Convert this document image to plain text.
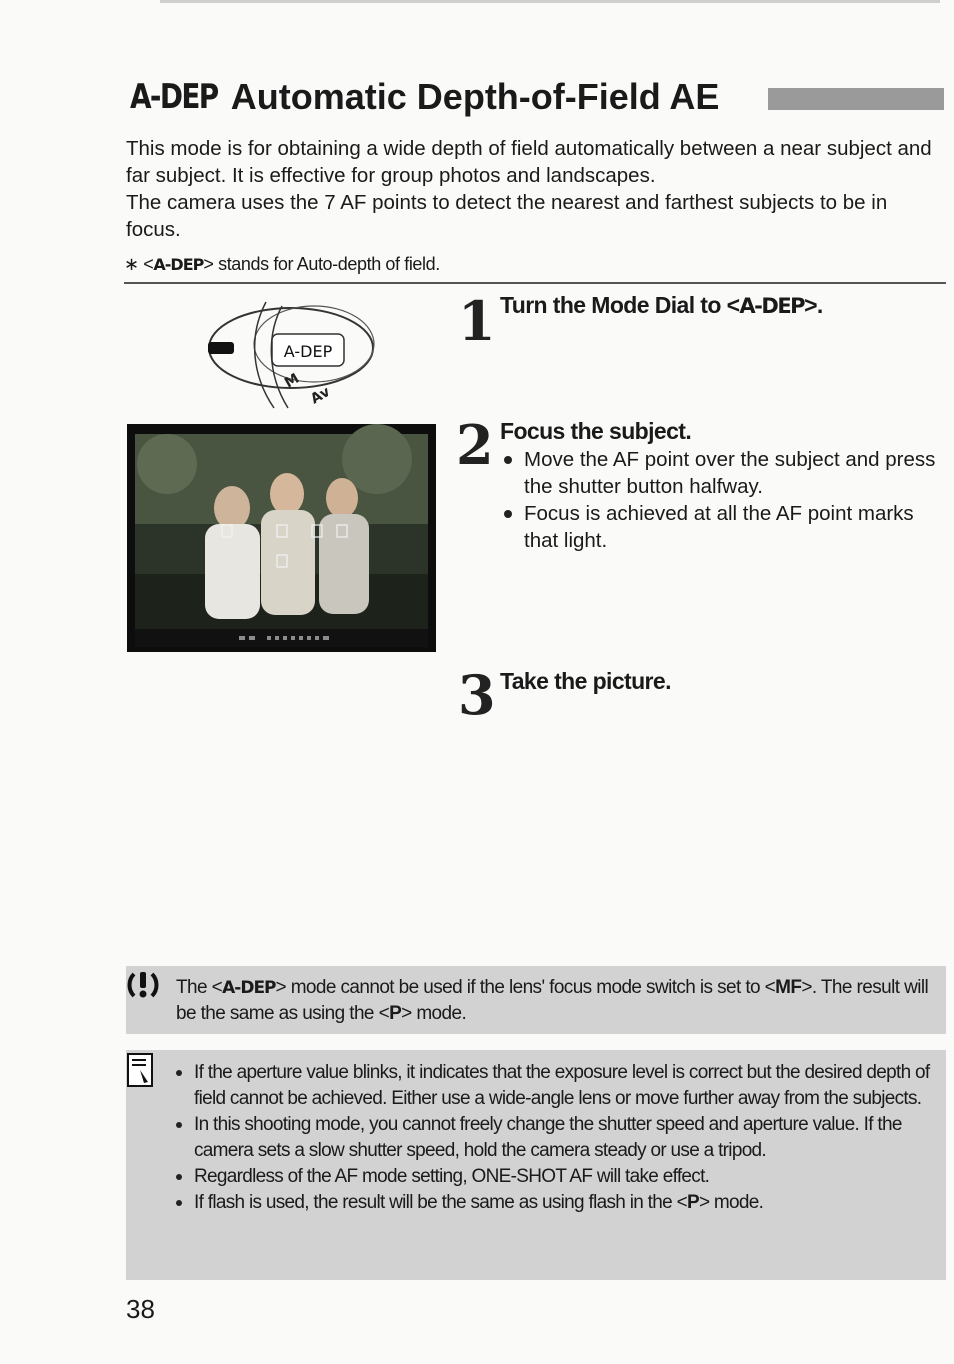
A-DEP Automatic Depth-of-Field AE

This mode is for obtaining a wide depth of field automatically between a near subject and far subject. It is effective for group photos and landscapes.

The camera uses the 7 AF points to detect the nearest and farthest subjects to be in focus.

∗ <A-DEP> stands for Auto-depth of field.
A-DEP
M
Av
1 Turn the Mode Dial to <A-DEP>.
2 Focus the subject.
Move the AF point over the subject and press the shutter button halfway.
Focus is achieved at all the AF point marks that light.
3 Take the picture.
The <A-DEP> mode cannot be used if the lens' focus mode switch is set to <MF>. The result will be the same as using the <P> mode.
If the aperture value blinks, it indicates that the exposure level is correct but the desired depth of field cannot be achieved. Either use a wide-angle lens or move further away from the subjects.
In this shooting mode, you cannot freely change the shutter speed and aperture value. If the camera sets a slow shutter speed, hold the camera steady or use a tripod.
Regardless of the AF mode setting, ONE-SHOT AF will take effect.
If flash is used, the result will be the same as using flash in the <P> mode.
38
